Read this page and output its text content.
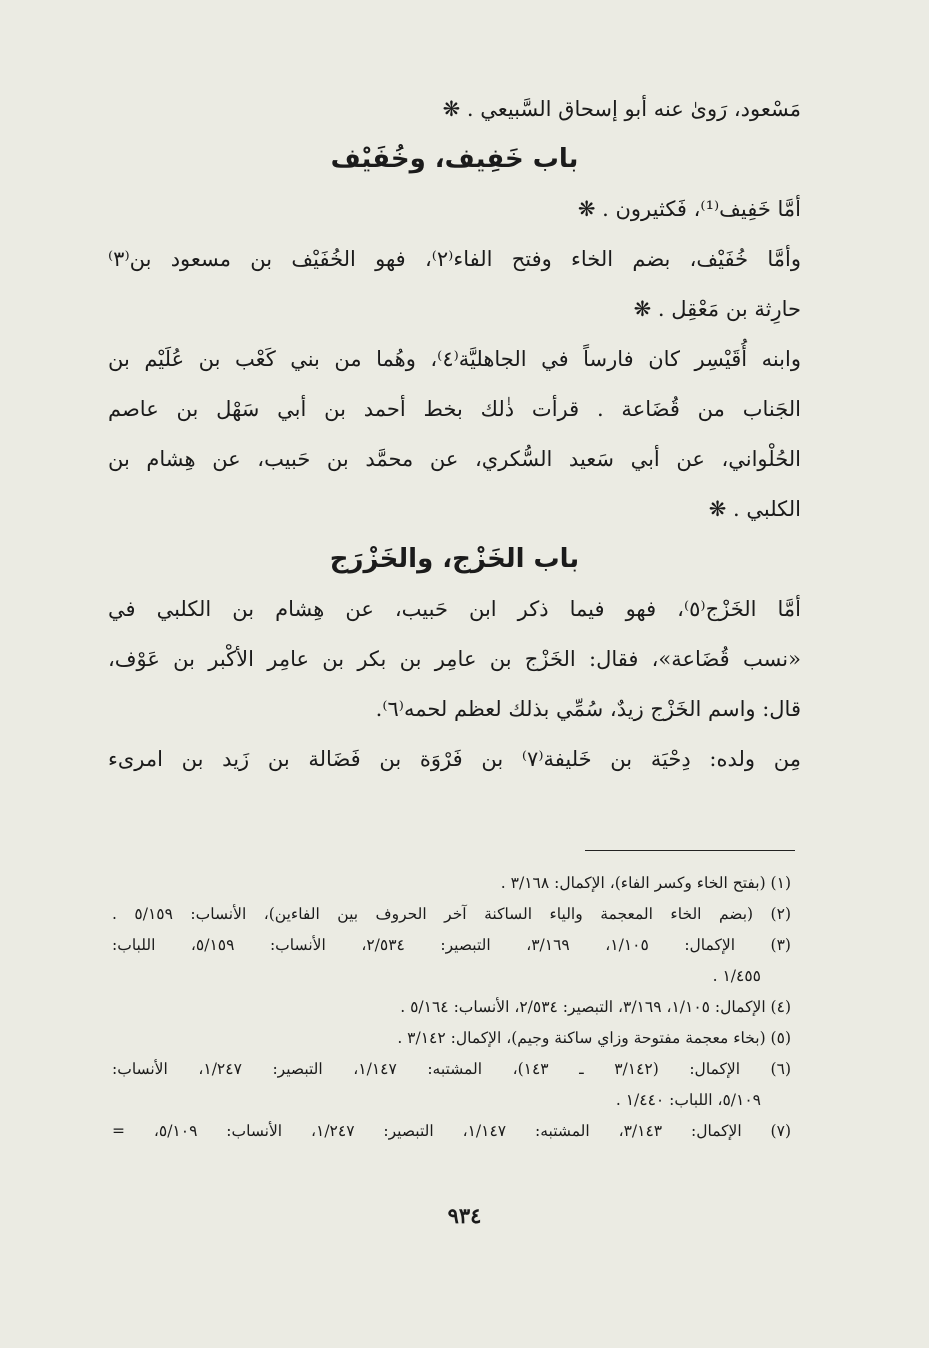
مَسْعود، رَوىٰ عنه أبو إسحاق السَّبيعي . ❋
باب خَفِيف، وخُفَيْف
أمَّا خَفِيف⁽¹⁾، فَكثيرون . ❋
وأمَّا خُفَيْف، بضم الخاء وفتح الفاء⁽٢⁾، فهو الخُفَيْف بن مسعود بن⁽٣⁾
حارِثة بن مَعْقِل . ❋
وابنه أُقَيْسِر كان فارساً في الجاهليَّة⁽٤⁾، وهُما من بني كَعْب بن عُلَيْم بن
الجَناب من قُضَاعة . قرأت ذٰلك بخط أحمد بن أبي سَهْل بن عاصم
الحُلْواني، عن أبي سَعيد السُّكري، عن محمَّد بن حَبيب، عن هِشام بن
الكلبي . ❋
باب الخَزْج، والخَزْرَج
أمَّا الخَزْج⁽٥⁾، فهو فيما ذكر ابن حَبيب، عن هِشام بن الكلبي في
«نسب قُضَاعة»، فقال: الخَزْج بن عامِر بن بكر بن عامِر الأكْبر بن عَوْف،
قال: واسم الخَزْج زيدٌ، سُمِّي بذلك لعظم لحمه⁽٦⁾.
مِن ولده: دِحْيَة بن خَليفة⁽٧⁾ بن فَرْوَة بن فَضَالة بن زَيد بن امرىء
(١) (بفتح الخاء وكسر الفاء)، الإكمال: ٣/١٦٨ .
(٢) (بضم الخاء المعجمة والياء الساكنة آخر الحروف بين الفاءين)، الأنساب: ٥/١٥٩ .
(٣) الإكمال: ١/١٠٥، ٣/١٦٩، التبصير: ٢/٥٣٤، الأنساب: ٥/١٥٩، اللباب:
١/٤٥٥ .
(٤) الإكمال: ١/١٠٥، ٣/١٦٩، التبصير: ٢/٥٣٤، الأنساب: ٥/١٦٤ .
(٥) (بخاء معجمة مفتوحة وزاي ساكنة وجيم)، الإكمال: ٣/١٤٢ .
(٦) الإكمال: (٣/١٤٢ ـ ١٤٣)، المشتبه: ١/١٤٧، التبصير: ١/٢٤٧، الأنساب:
٥/١٠٩، اللباب: ١/٤٤٠ .
(٧) الإكمال: ٣/١٤٣، المشتبه: ١/١٤٧، التبصير: ١/٢٤٧، الأنساب: ٥/١٠٩، =
٩٣٤
